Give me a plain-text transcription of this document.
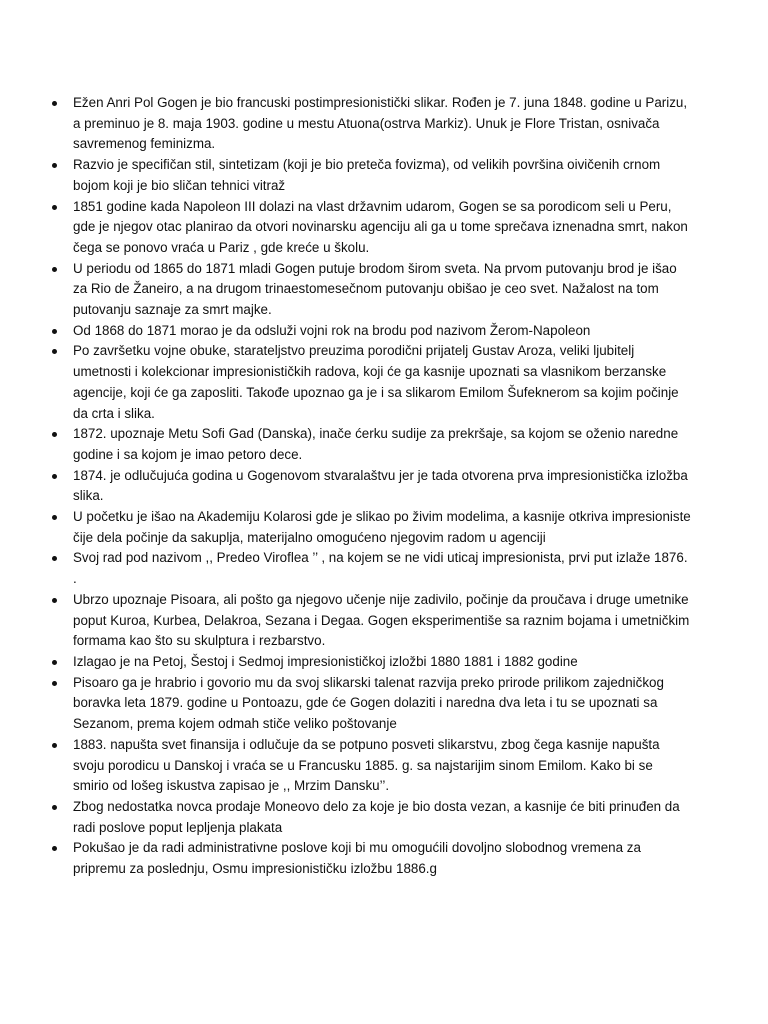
Ežen Anri Pol Gogen je bio francuski postimpresionistički slikar. Rođen je 7. juna 1848. godine u Parizu, a preminuo je 8. maja 1903. godine u mestu Atuona(ostrva Markiz). Unuk je Flore Tristan, osnivača savremenog feminizma.
Razvio je specifičan stil, sintetizam (koji je bio preteča fovizma), od velikih površina oivičenih crnom bojom koji je bio sličan tehnici vitraž
1851 godine kada Napoleon III dolazi na vlast državnim udarom, Gogen se sa porodicom seli u Peru, gde je njegov otac planirao da otvori novinarsku agenciju ali ga u tome sprečava iznenadna smrt, nakon čega se ponovo vraća u Pariz , gde kreće u školu.
U periodu od 1865 do 1871 mladi Gogen putuje brodom širom sveta. Na prvom putovanju brod je išao za Rio de Žaneiro, a na drugom trinaestomesečnom putovanju obišao je ceo svet. Nažalost na tom putovanju saznaje za smrt majke.
Od 1868 do 1871 morao je da odsluži vojni rok na brodu pod nazivom Žerom-Napoleon
Po završetku vojne obuke, starateljstvo preuzima porodični prijatelj Gustav Aroza, veliki ljubitelj umetnosti i kolekcionar impresionističkih radova, koji će ga kasnije upoznati sa vlasnikom berzanske agencije, koji će ga zaposliti. Takođe upoznao ga je i sa slikarom Emilom Šufeknerom sa kojim počinje da crta i slika.
1872. upoznaje Metu Sofi Gad (Danska), inače ćerku sudije za prekršaje, sa kojom se oženio naredne godine i sa kojom je imao petoro dece.
1874. je odlučujuća godina u Gogenovom stvaralaštvu jer je tada otvorena prva impresionistička izložba slika.
U početku je išao na Akademiju Kolarosi gde je slikao po živim modelima, a kasnije otkriva impresioniste čije dela počinje da sakuplja, materijalno omogućeno njegovim radom u agenciji
Svoj rad pod nazivom ,, Predeo Viroflea ’’ , na kojem se ne vidi uticaj impresionista, prvi put izlaže 1876. .
Ubrzo upoznaje Pisoara, ali pošto ga njegovo učenje nije zadivilo, počinje da proučava i druge umetnike poput Kuroa, Kurbea, Delakroa, Sezana i Degaa. Gogen eksperimentiše sa raznim bojama i umetničkim formama kao što su skulptura i rezbarstvo.
Izlagao je na Petoj, Šestoj i Sedmoj impresionističkoj izložbi 1880 1881 i 1882 godine
Pisoaro ga je hrabrio i govorio mu da svoj slikarski talenat razvija preko prirode prilikom zajedničkog boravka leta 1879. godine u Pontoazu, gde će Gogen dolaziti i naredna dva leta i tu se upoznati sa Sezanom, prema kojem odmah stiče veliko poštovanje
1883. napušta svet finansija i odlučuje da se potpuno posveti slikarstvu, zbog čega kasnije napušta svoju porodicu u Danskoj i vraća se u Francusku 1885. g. sa najstarijim sinom Emilom. Kako bi se smirio od lošeg iskustva zapisao je ,, Mrzim Dansku’’.
Zbog nedostatka novca prodaje Moneovo delo za koje je bio dosta vezan, a kasnije će biti prinuđen da radi poslove poput lepljenja plakata
Pokušao je da radi administrativne poslove koji bi mu omogućili dovoljno slobodnog vremena za pripremu za poslednju, Osmu impresionističku izložbu 1886.g
